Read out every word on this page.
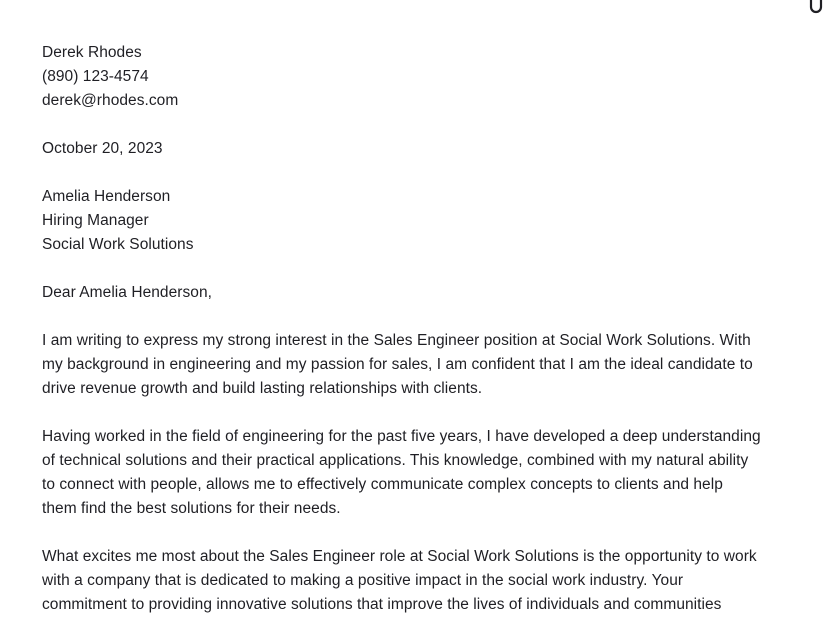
Derek Rhodes
(890) 123-4574
derek@rhodes.com
October 20, 2023
Amelia Henderson
Hiring Manager
Social Work Solutions
Dear Amelia Henderson,
I am writing to express my strong interest in the Sales Engineer position at Social Work Solutions. With
my background in engineering and my passion for sales, I am confident that I am the ideal candidate to
drive revenue growth and build lasting relationships with clients.
Having worked in the field of engineering for the past five years, I have developed a deep understanding
of technical solutions and their practical applications. This knowledge, combined with my natural ability
to connect with people, allows me to effectively communicate complex concepts to clients and help
them find the best solutions for their needs.
What excites me most about the Sales Engineer role at Social Work Solutions is the opportunity to work
with a company that is dedicated to making a positive impact in the social work industry. Your
commitment to providing innovative solutions that improve the lives of individuals and communities
